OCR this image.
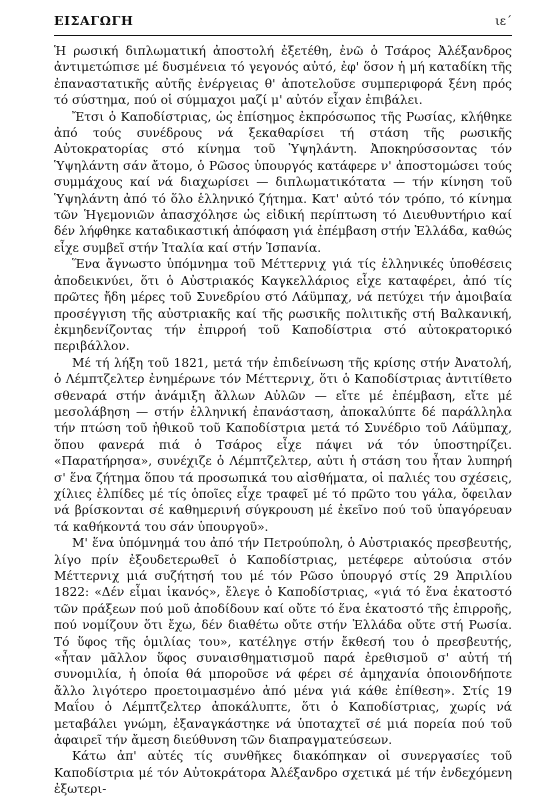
ΕΙΣΑΓΩΓΗ	ιε΄

Ἡ ρωσική διπλωματική ἀποστολή ἐξετέθη, ἐνῶ ὁ Τσάρος Ἀλέξανδρος ἀντιμετώπισε μέ δυσμένεια τό γεγονός αὐτό, ἐφ' ὅσον ἡ μή καταδίκη τῆς ἐπαναστατικῆς αὐτῆς ἐνέργειας θ' ἀποτελοῦσε συμπεριφορά ξένη πρός τό σύστημα, πού οἱ σύμμαχοι μαζί μ' αὐτόν εἶχαν ἐπιβάλει.

Ἔτσι ὁ Καποδίστριας, ὡς ἐπίσημος ἐκπρόσωπος τῆς Ρωσίας, κλήθηκε ἀπό τούς συνέδρους νά ξεκαθαρίσει τή στάση τῆς ρωσικῆς Αὐτοκρατορίας στό κίνημα τοῦ Ὑψηλάντη. Ἀποκηρύσσοντας τόν Ὑψηλάντη σάν ἄτομο, ὁ Ρῶσος ὑπουργός κατάφερε ν' ἀποστομώσει τούς συμμάχους καί νά διαχωρίσει — διπλωματικότατα — τήν κίνηση τοῦ Ὑψηλάντη ἀπό τό ὅλο ἑλληνικό ζήτημα. Κατ' αὐτό τόν τρόπο, τό κίνημα τῶν Ἡγεμονιῶν ἀπασχόλησε ὡς εἰδική περίπτωση τό Διευθυντήριο καί δέν λήφθηκε καταδικαστική ἀπόφαση γιά ἐπέμβαση στήν Ἑλλάδα, καθώς εἶχε συμβεῖ στήν Ἰταλία καί στήν Ἱσπανία.

Ἕνα ἄγνωστο ὑπόμνημα τοῦ Μέττερνιχ γιά τίς ἑλληνικές ὑποθέσεις ἀποδεικνύει, ὅτι ὁ Αὐστριακός Καγκελλάριος εἶχε καταφέρει, ἀπό τίς πρῶτες ἤδη μέρες τοῦ Συνεδρίου στό Λάϋμπαχ, νά πετύχει τήν ἀμοιβαία προσέγγιση τῆς αὐστριακῆς καί τῆς ρωσικῆς πολιτικῆς στή Βαλκανική, ἐκμηδενίζοντας τήν ἐπιρροή τοῦ Καποδίστρια στό αὐτοκρατορικό περιβάλλον.

Μέ τή λήξη τοῦ 1821, μετά τήν ἐπιδείνωση τῆς κρίσης στήν Ἀνατολή, ὁ Λέμπτζελτερ ἐνημέρωνε τόν Μέττερνιχ, ὅτι ὁ Καποδίστριας ἀντιτίθετο σθεναρά στήν ἀνάμιξη ἄλλων Αὐλῶν — εἴτε μέ ἐπέμβαση, εἴτε μέ μεσολάβηση — στήν ἑλληνική ἐπανάσταση, ἀποκαλύπτε δέ παράλληλα τήν πτώση τοῦ ἠθικοῦ τοῦ Καποδίστρια μετά τό Συνέδριο τοῦ Λάϋμπαχ, ὅπου φανερά πιά ὁ Τσάρος εἶχε πάψει νά τόν ὑποστηρίζει. «Παρατήρησα», συνέχιζε ὁ Λέμπτζελτερ, αὐτι ἡ στάση του ἦταν λυπηρή σ' ἕνα ζήτημα ὅπου τά προσωπικά του αἰσθήματα, οἱ παλιές του σχέσεις, χίλιες ἐλπίδες μέ τίς ὁποῖες εἶχε τραφεῖ μέ τό πρῶτο του γάλα, ὄφειλαν νά βρίσκονται σέ καθημερινή σύγκρουση μέ ἐκεῖνο πού τοῦ ὑπαγόρευαν τά καθήκοντά του σάν ὑπουργοῦ».

Μ' ἕνα ὑπόμνημά του ἀπό τήν Πετρούπολη, ὁ Αὐστριακός πρεσβευτής, λίγο πρίν ἐξουδετερωθεῖ ὁ Καποδίστριας, μετέφερε αὐτούσια στόν Μέττερνιχ μιά συζήτησή του μέ τόν Ρῶσο ὑπουργό στίς 29 Ἀπριλίου 1822: «Δέν εἶμαι ἱκανός», ἔλεγε ὁ Καποδίστριας, «γιά τό ἕνα ἑκατοστό τῶν πράξεων πού μοῦ ἀποδίδουν καί οὔτε τό ἕνα ἑκατοστό τῆς ἐπιρροῆς, πού νομίζουν ὅτι ἔχω, δέν διαθέτω οὔτε στήν Ἑλλάδα οὔτε στή Ρωσία. Τό ὕφος τῆς ὁμιλίας του», κατέληγε στήν ἔκθεσή του ὁ πρεσβευτής, «ἦταν μᾶλλον ὕφος συναισθηματισμοῦ παρά ἐρεθισμοῦ σ' αὐτή τή συνομιλία, ἡ ὁποία θά μποροῦσε νά φέρει σέ ἀμηχανία ὁποιονδήποτε ἄλλο λιγότερο προετοιμασμένο ἀπό μένα γιά κάθε ἐπίθεση». Στίς 19 Μαΐου ὁ Λέμπτζελτερ ἀποκάλυπτε, ὅτι ὁ Καποδίστριας, χωρίς νά μεταβάλει γνώμη, ἐξαναγκάστηκε νά ὑποταχτεῖ σέ μιά πορεία πού τοῦ ἀφαιρεῖ τήν ἄμεση διεύθυνση τῶν διαπραγματεύσεων.

Κάτω ἀπ' αὐτές τίς συνθῆκες διακόπηκαν οἱ συνεργασίες τοῦ Καποδίστρια μέ τόν Αὐτοκράτορα Ἀλέξανδρο σχετικά μέ τήν ἐνδεχόμενη ἐξωτερι-
